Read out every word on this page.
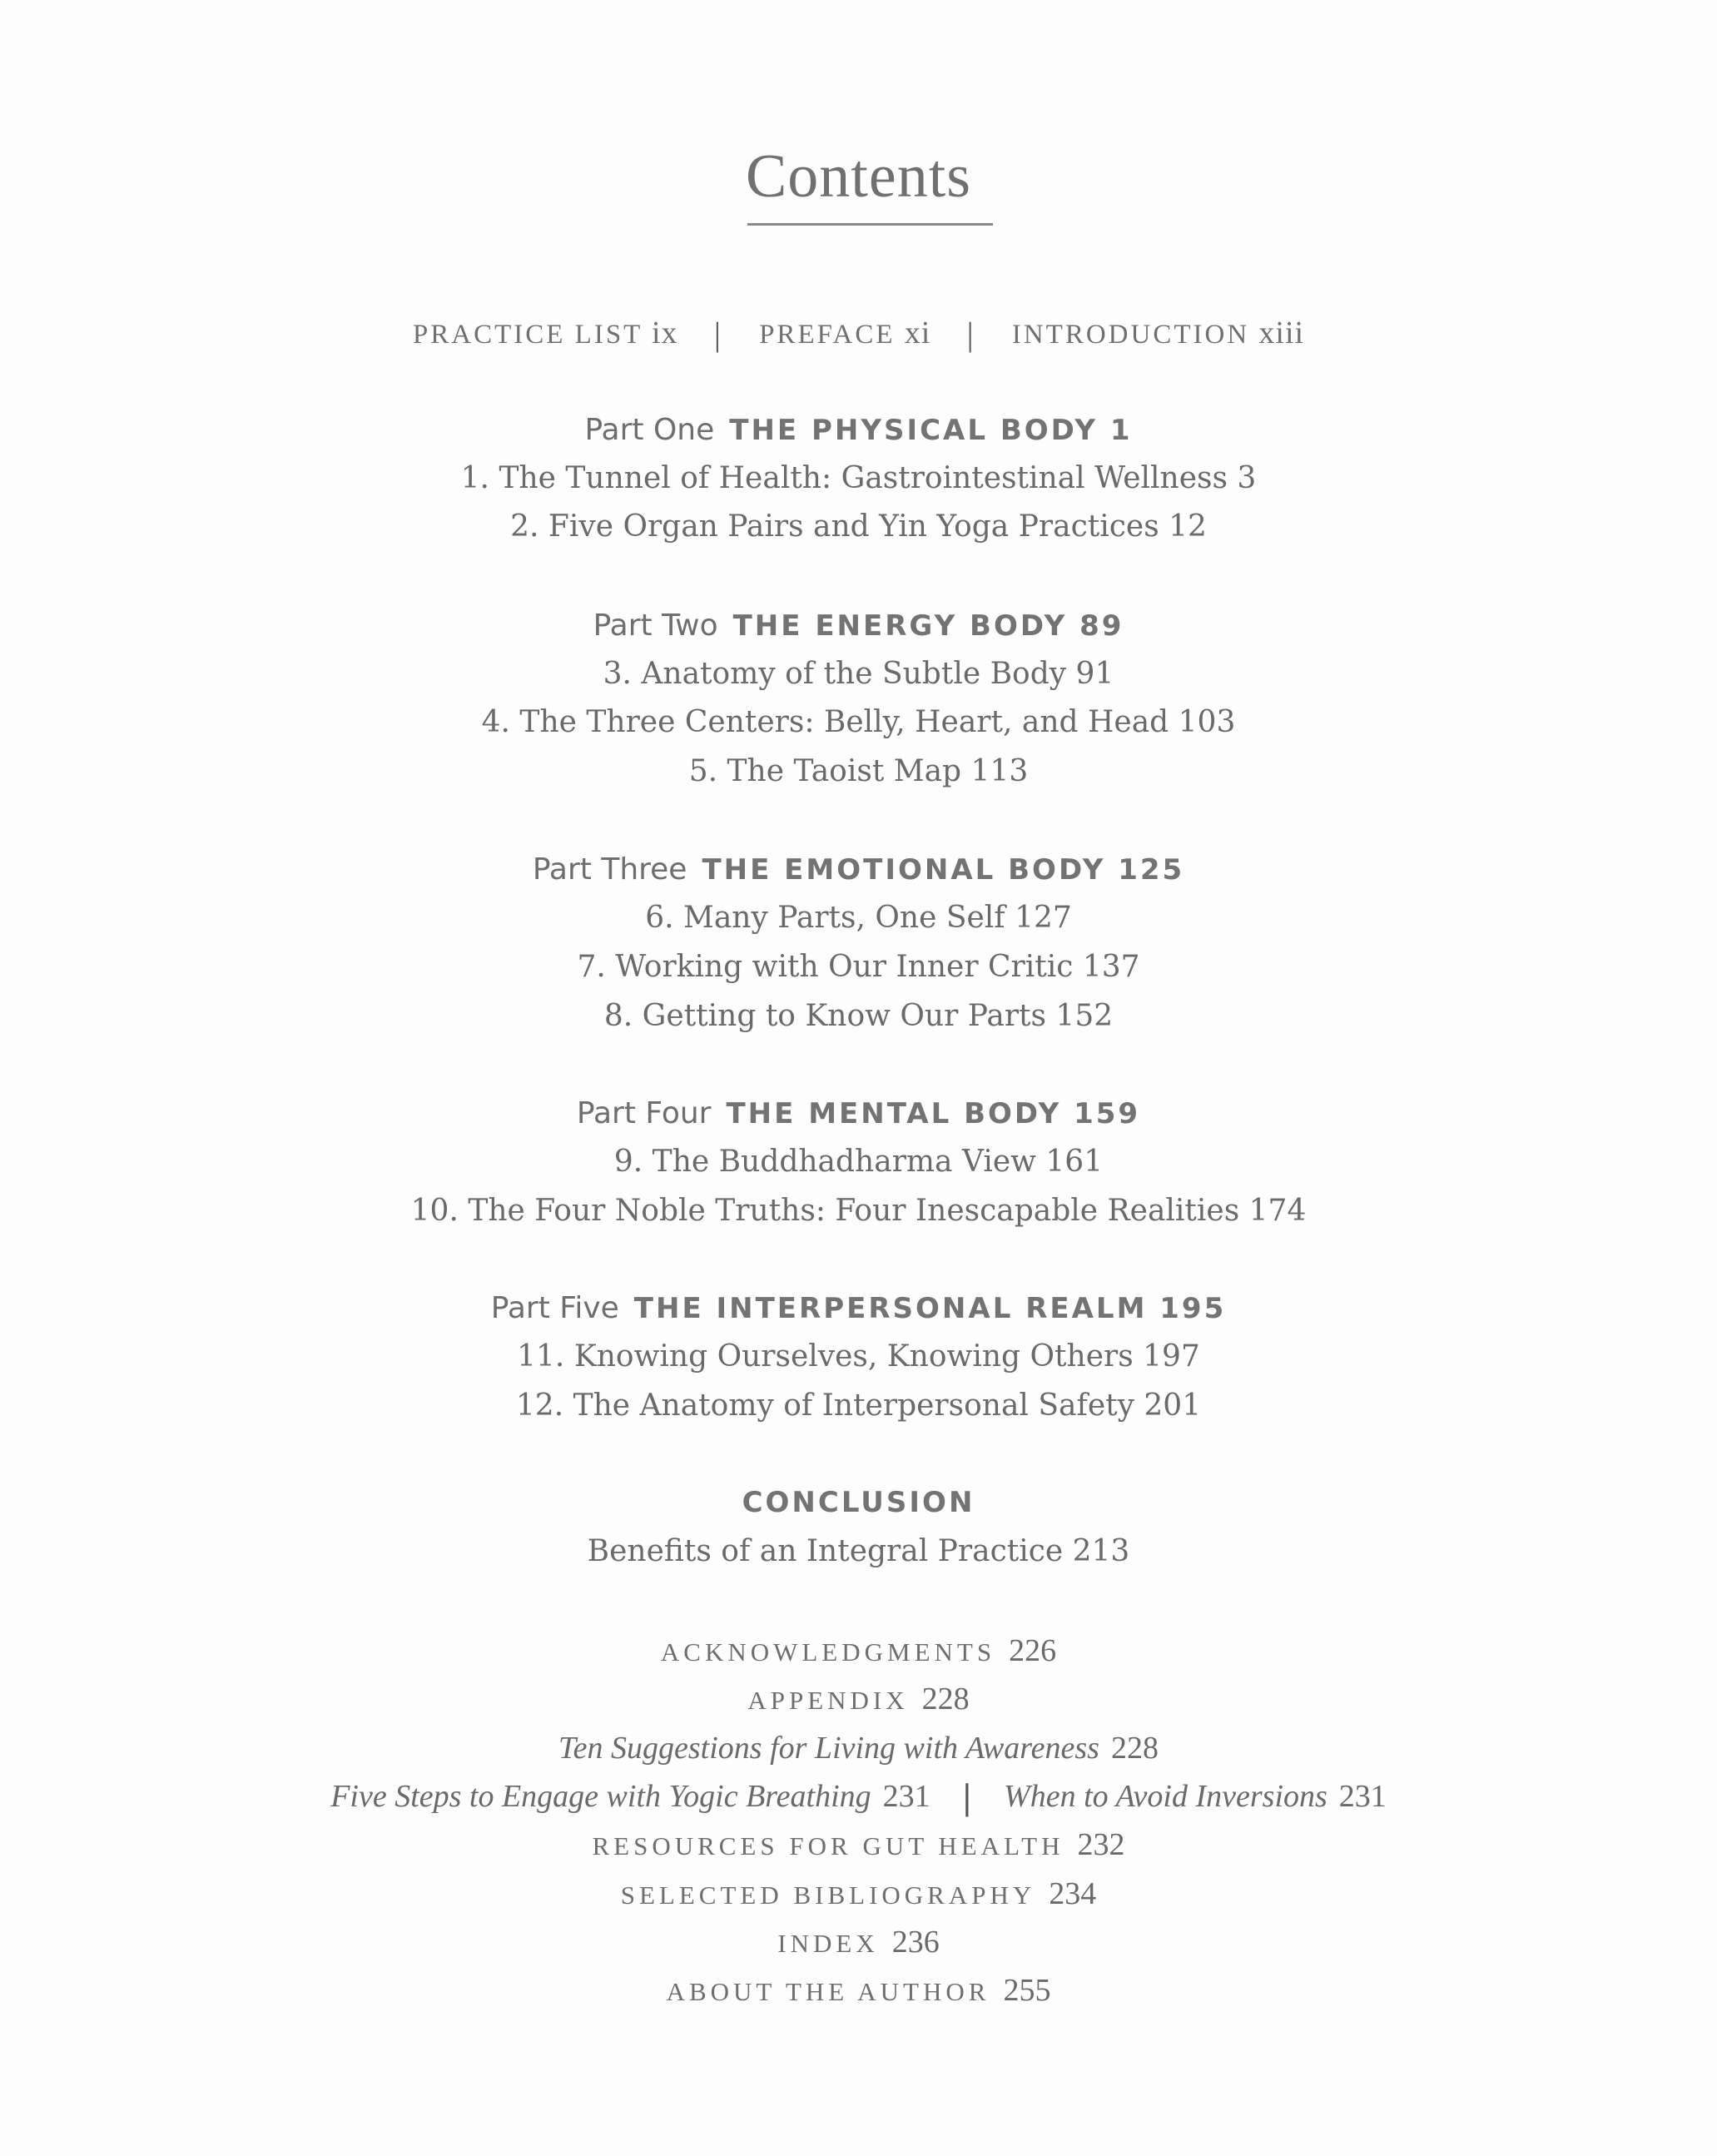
Contents
PRACTICE LIST ix | PREFACE xi | INTRODUCTION xiii
Part One THE PHYSICAL BODY 1
1. The Tunnel of Health: Gastrointestinal Wellness 3
2. Five Organ Pairs and Yin Yoga Practices 12
Part Two THE ENERGY BODY 89
3. Anatomy of the Subtle Body 91
4. The Three Centers: Belly, Heart, and Head 103
5. The Taoist Map 113
Part Three THE EMOTIONAL BODY 125
6. Many Parts, One Self 127
7. Working with Our Inner Critic 137
8. Getting to Know Our Parts 152
Part Four THE MENTAL BODY 159
9. The Buddhadharma View 161
10. The Four Noble Truths: Four Inescapable Realities 174
Part Five THE INTERPERSONAL REALM 195
11. Knowing Ourselves, Knowing Others 197
12. The Anatomy of Interpersonal Safety 201
CONCLUSION
Benefits of an Integral Practice 213
ACKNOWLEDGMENTS 226
APPENDIX 228
Ten Suggestions for Living with Awareness 228
Five Steps to Engage with Yogic Breathing 231 | When to Avoid Inversions 231
RESOURCES FOR GUT HEALTH 232
SELECTED BIBLIOGRAPHY 234
INDEX 236
ABOUT THE AUTHOR 255
